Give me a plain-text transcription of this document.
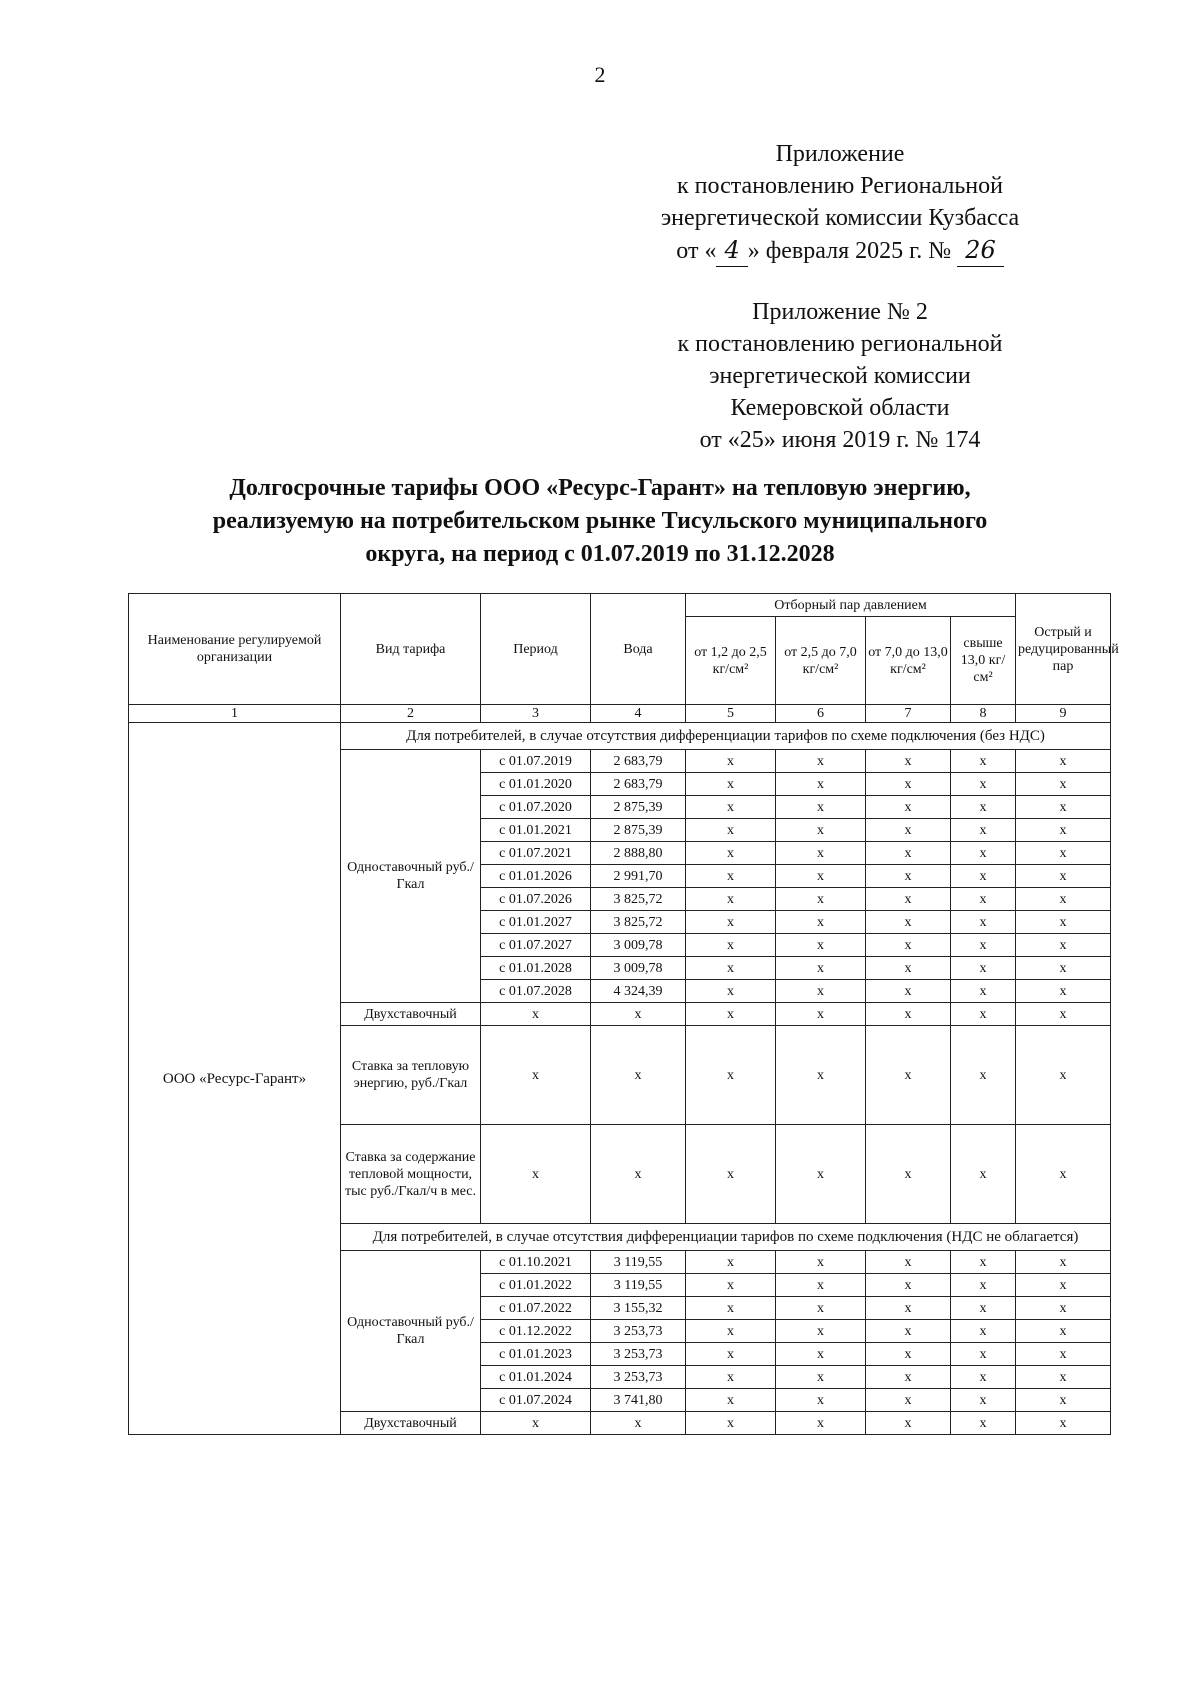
2
Приложение
к постановлению Региональной
энергетической комиссии Кузбасса
от « 4 » февраля 2025 г. № 26
Приложение № 2
к постановлению региональной
энергетической комиссии
Кемеровской области
от «25» июня 2019 г. № 174
Долгосрочные тарифы ООО «Ресурс-Гарант» на тепловую энергию,
реализуемую на потребительском рынке Тисульского муниципального
округа, на период с 01.07.2019 по 31.12.2028
Наименование регулируемой организации	Вид тарифа	Период	Вода	Отборный пар давлением				Острый и редуцированный пар
				от 1,2 до 2,5 кг/см²	от 2,5 до 7,0 кг/см²	от 7,0 до 13,0 кг/см²	свыше 13,0 кг/см²	
1	2	3	4	5	6	7	8	9
ООО «Ресурс-Гарант»	Для потребителей, в случае отсутствия дифференциации тарифов по схеме подключения (без НДС)							
	Одноставочный руб./Гкал	с 01.07.2019	2 683,79	x	x	x	x	x
		с 01.01.2020	2 683,79	x	x	x	x	x
		с 01.07.2020	2 875,39	x	x	x	x	x
		с 01.01.2021	2 875,39	x	x	x	x	x
		с 01.07.2021	2 888,80	x	x	x	x	x
		с 01.01.2026	2 991,70	x	x	x	x	x
		с 01.07.2026	3 825,72	x	x	x	x	x
		с 01.01.2027	3 825,72	x	x	x	x	x
		с 01.07.2027	3 009,78	x	x	x	x	x
		с 01.01.2028	3 009,78	x	x	x	x	x
		с 01.07.2028	4 324,39	x	x	x	x	x
	Двухставочный	x	x	x	x	x	x	x
	Ставка за тепловую энергию, руб./Гкал	x	x	x	x	x	x	x
	Ставка за содержание тепловой мощности, тыс руб./Гкал/ч в мес.	x	x	x	x	x	x	x
	Для потребителей, в случае отсутствия дифференциации тарифов по схеме подключения (НДС не облагается)							
	Одноставочный руб./Гкал	с 01.10.2021	3 119,55	x	x	x	x	x
		с 01.01.2022	3 119,55	x	x	x	x	x
		с 01.07.2022	3 155,32	x	x	x	x	x
		с 01.12.2022	3 253,73	x	x	x	x	x
		с 01.01.2023	3 253,73	x	x	x	x	x
		с 01.01.2024	3 253,73	x	x	x	x	x
		с 01.07.2024	3 741,80	x	x	x	x	x
	Двухставочный	x	x	x	x	x	x	x
